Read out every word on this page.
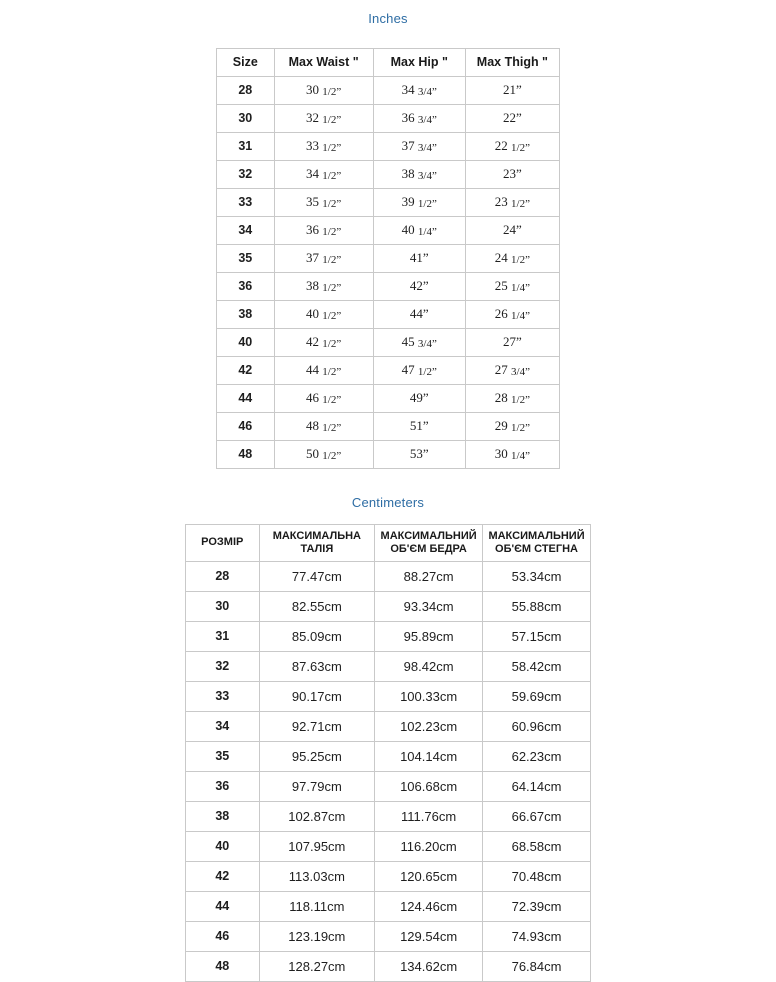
Inches
Size	Max Waist "	Max Hip "	Max Thigh "
28	30 1/2”	34 3/4”	21”
30	32 1/2”	36 3/4”	22”
31	33 1/2”	37 3/4”	22 1/2”
32	34 1/2”	38 3/4”	23”
33	35 1/2”	39 1/2”	23 1/2”
34	36 1/2”	40 1/4”	24”
35	37 1/2”	41”	24 1/2”
36	38 1/2”	42”	25 1/4”
38	40 1/2”	44”	26 1/4”
40	42 1/2”	45 3/4”	27”
42	44 1/2”	47 1/2”	27 3/4”
44	46 1/2”	49”	28 1/2”
46	48 1/2”	51”	29 1/2”
48	50 1/2”	53”	30 1/4”
Centimeters
РОЗМІР	МАКСИМАЛЬНА ТАЛІЯ	МАКСИМАЛЬНИЙ ОБ'ЄМ БЕДРА	МАКСИМАЛЬНИЙ ОБ'ЄМ СТЕГНА
28	77.47cm	88.27cm	53.34cm
30	82.55cm	93.34cm	55.88cm
31	85.09cm	95.89cm	57.15cm
32	87.63cm	98.42cm	58.42cm
33	90.17cm	100.33cm	59.69cm
34	92.71cm	102.23cm	60.96cm
35	95.25cm	104.14cm	62.23cm
36	97.79cm	106.68cm	64.14cm
38	102.87cm	111.76cm	66.67cm
40	107.95cm	116.20cm	68.58cm
42	113.03cm	120.65cm	70.48cm
44	118.11cm	124.46cm	72.39cm
46	123.19cm	129.54cm	74.93cm
48	128.27cm	134.62cm	76.84cm
